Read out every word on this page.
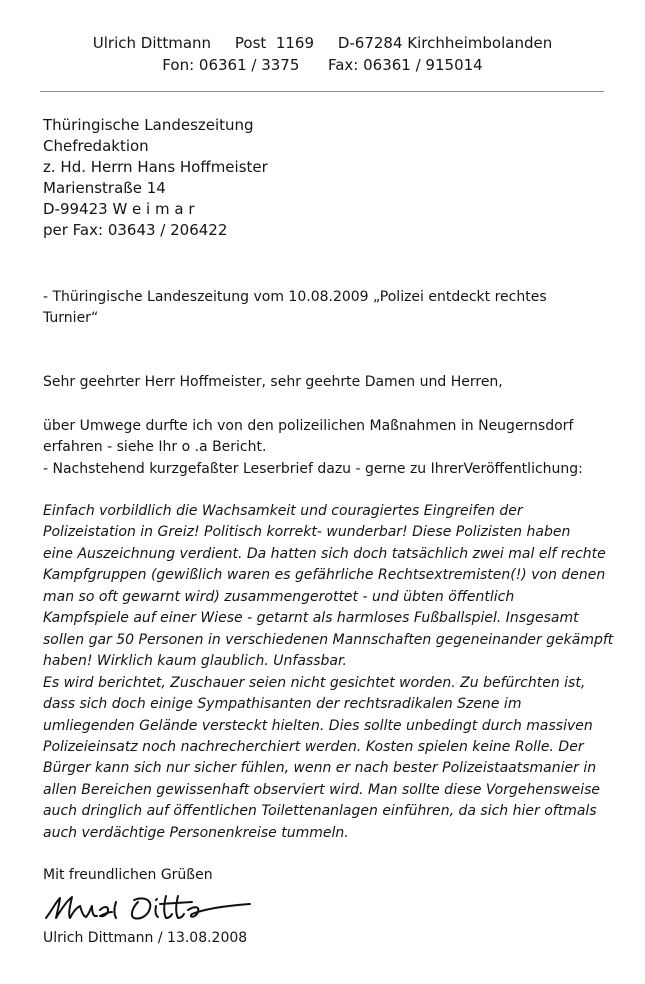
Ulrich Dittmann     Post  1169     D-67284 Kirchheimbolanden
Fon: 06361 / 3375      Fax: 06361 / 915014
Thüringische Landeszeitung
Chefredaktion
z. Hd. Herrn Hans Hoffmeister
Marienstraße 14
D-99423 W e i m a r
per Fax: 03643 / 206422
- Thüringische Landeszeitung vom 10.08.2009 „Polizei entdeckt rechtes
Turnier“
Sehr geehrter Herr Hoffmeister, sehr geehrte Damen und Herren,
über Umwege durfte ich von den polizeilichen Maßnahmen in Neugernsdorf
erfahren - siehe Ihr o .a Bericht.
- Nachstehend kurzgefaßter Leserbrief dazu - gerne zu IhrerVeröffentlichung:
Einfach vorbildlich die Wachsamkeit und couragiertes Eingreifen der
Polizeistation in Greiz! Politisch korrekt- wunderbar! Diese Polizisten haben
eine Auszeichnung verdient. Da hatten sich doch tatsächlich zwei mal elf rechte
Kampfgruppen (gewißlich waren es gefährliche Rechtsextremisten(!) von denen
man so oft gewarnt wird) zusammengerottet - und übten öffentlich
Kampfspiele auf einer Wiese - getarnt als harmloses Fußballspiel. Insgesamt
sollen gar 50 Personen in verschiedenen Mannschaften gegeneinander gekämpft
haben! Wirklich kaum glaublich. Unfassbar.
Es wird berichtet, Zuschauer seien nicht gesichtet worden. Zu befürchten ist,
dass sich doch einige Sympathisanten der rechtsradikalen Szene im
umliegenden Gelände versteckt hielten. Dies sollte unbedingt durch massiven
Polizeieinsatz noch nachrecherchiert werden. Kosten spielen keine Rolle. Der
Bürger kann sich nur sicher fühlen, wenn er nach bester Polizeistaatsmanier in
allen Bereichen gewissenhaft observiert wird. Man sollte diese Vorgehensweise
auch dringlich auf öffentlichen Toilettenanlagen einführen, da sich hier oftmals
auch verdächtige Personenkreise tummeln.
Mit freundlichen Grüßen
Ulrich Dittmann / 13.08.2008
